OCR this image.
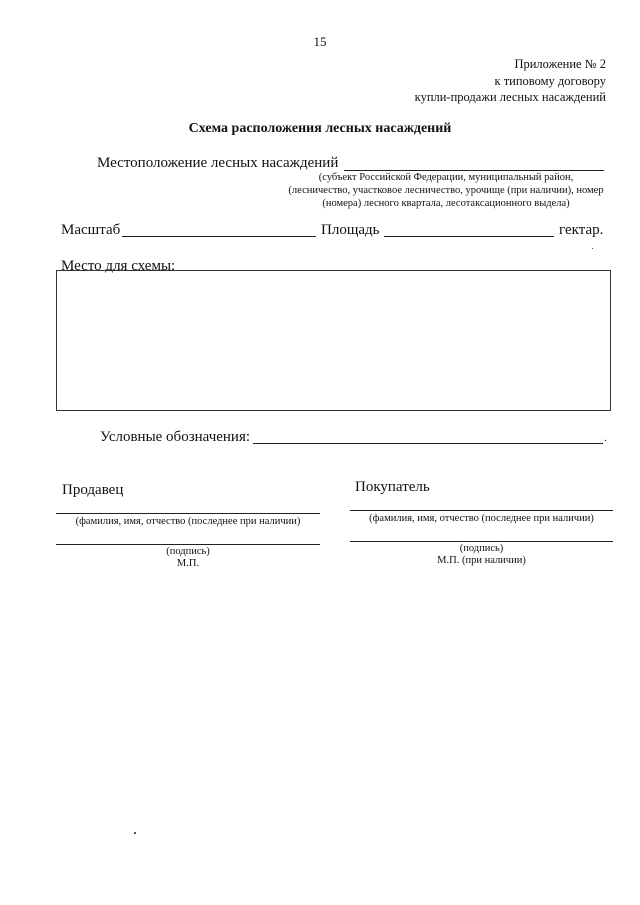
15
Приложение № 2
к типовому договору
купли-продажи лесных насаждений
Схема расположения лесных насаждений
Местоположение лесных насаждений
(субъект Российской Федерации, муниципальный район, (лесничество, участковое лесничество, урочище (при наличии), номер (номера) лесного квартала, лесотаксационного выдела)
Масштаб	Площадь	гектар.
Место для схемы:
Условные обозначения:	.
Продавец
(фамилия, имя, отчество (последнее при наличии)
(подпись)
М.П.
Покупатель
(фамилия, имя, отчество (последнее при наличии)
(подпись)
М.П. (при наличии)
